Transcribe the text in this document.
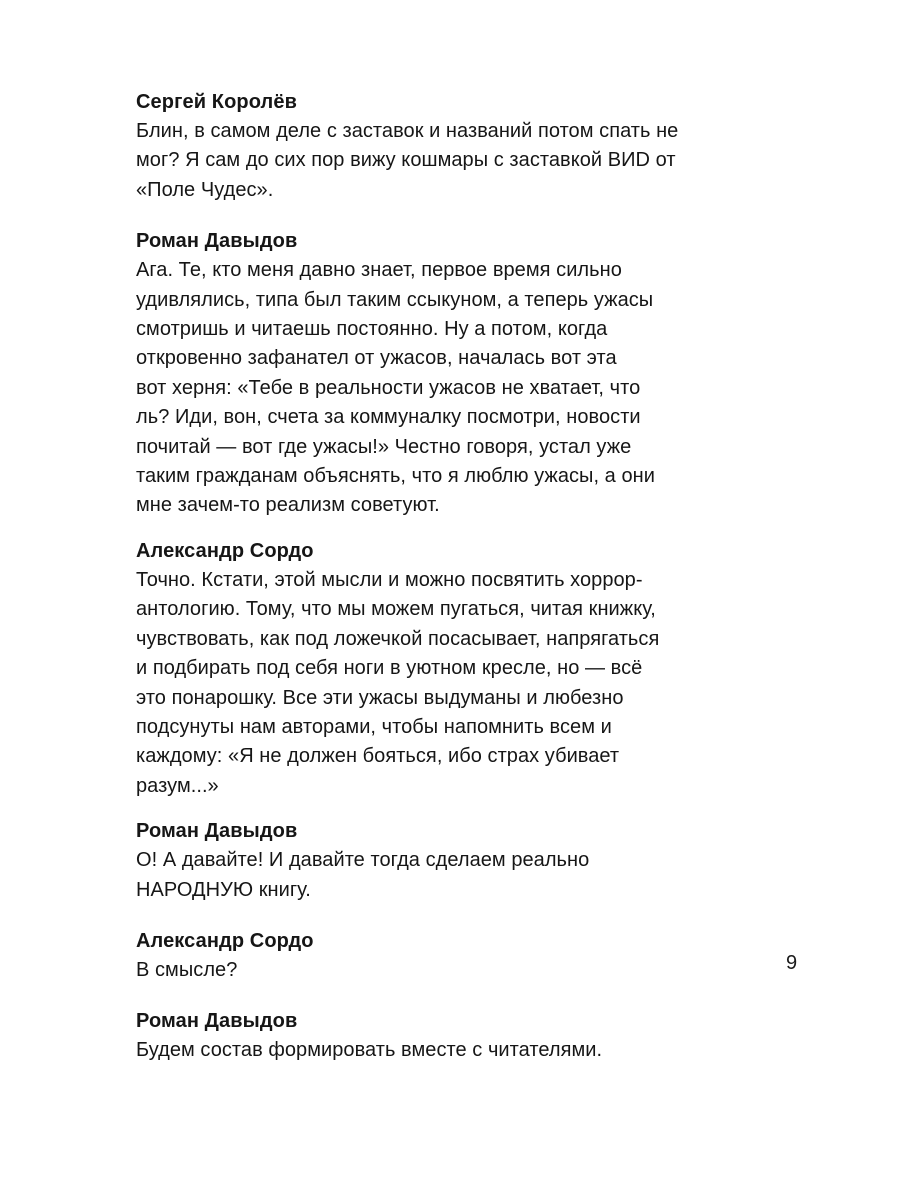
Сергей Королёв
Блин, в самом деле с заставок и названий потом спать не
мог? Я сам до сих пор вижу кошмары с заставкой ВИD от
«Поле Чудес».
Роман Давыдов
Ага. Те, кто меня давно знает, первое время сильно
удивлялись, типа был таким ссыкуном, а теперь ужасы
смотришь и читаешь постоянно. Ну а потом, когда
откровенно зафанател от ужасов, началась вот эта
вот херня: «Тебе в реальности ужасов не хватает, что
ль? Иди, вон, счета за коммуналку посмотри, новости
почитай — вот где ужасы!» Честно говоря, устал уже
таким гражданам объяснять, что я люблю ужасы, а они
мне зачем-то реализм советуют.
Александр Сордо
Точно. Кстати, этой мысли и можно посвятить хоррор-
антологию. Тому, что мы можем пугаться, читая книжку,
чувствовать, как под ложечкой посасывает, напрягаться
и подбирать под себя ноги в уютном кресле, но — всё
это понарошку. Все эти ужасы выдуманы и любезно
подсунуты нам авторами, чтобы напомнить всем и
каждому: «Я не должен бояться, ибо страх убивает
разум...»
Роман Давыдов
О! А давайте! И давайте тогда сделаем реально
НАРОДНУЮ книгу.
Александр Сордо
В смысле?
Роман Давыдов
Будем состав формировать вместе с читателями.
9
